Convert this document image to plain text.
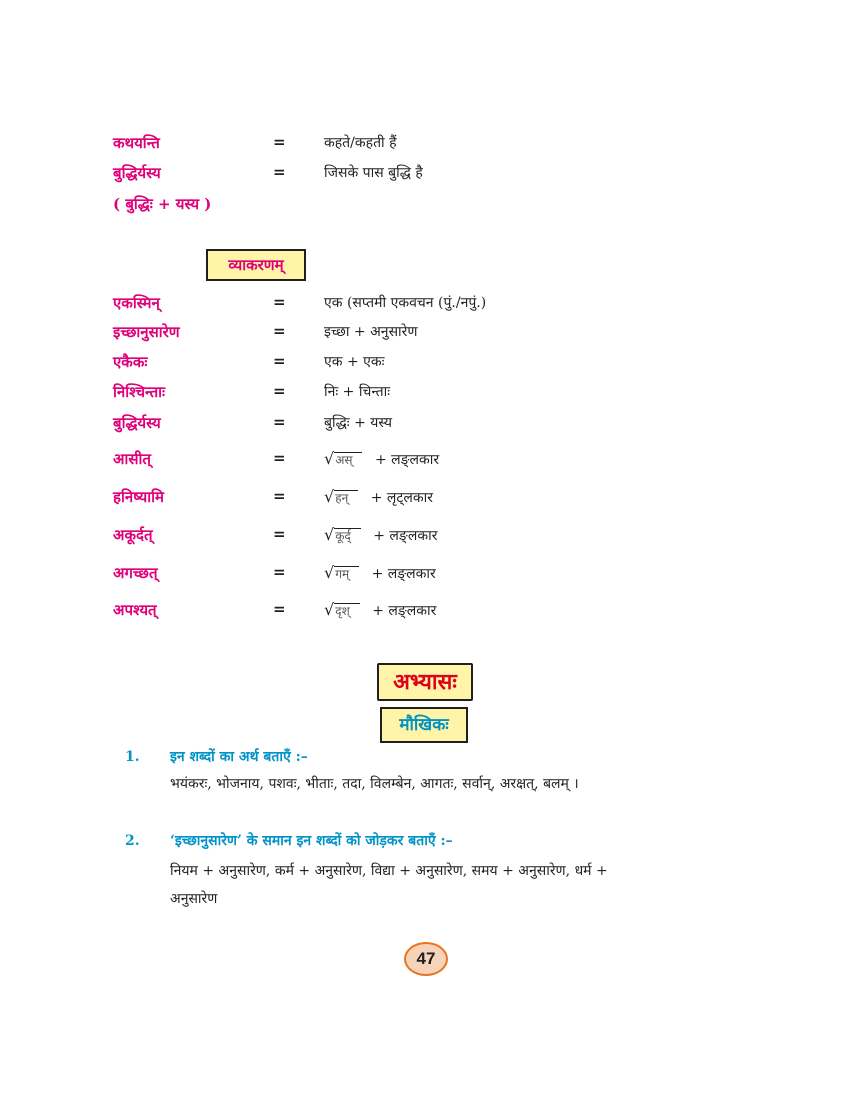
कथयन्ति	=	कहते/कहती हैं
बुद्धिर्यस्य	=	जिसके पास बुद्धि है
( बुद्धिः + यस्य )
व्याकरणम्
एकस्मिन्	=	एक (सप्तमी एकवचन (पुं./नपुं.)
इच्छानुसारेण	=	इच्छा + अनुसारेण
एकैकः	=	एक + एकः
निश्चिन्ताः	=	निः + चिन्ताः
बुद्धिर्यस्य	=	बुद्धिः + यस्य
आसीत्	= √अस् + लङ्लकार
हनिष्यामि	= √हन् + लृट्लकार
अकूर्दत्	= √कूर्द् + लङ्लकार
अगच्छत्	= √गम् + लङ्लकार
अपश्यत्	= √दृश् + लङ्लकार
अभ्यासः
मौखिकः
1. इन शब्दों का अर्थ बताएँ :–
भयंकरः, भोजनाय, पशवः, भीताः, तदा, विलम्बेन, आगतः, सर्वान्, अरक्षत्, बलम् ।
2. ‘इच्छानुसारेण’ के समान इन शब्दों को जोड़कर बताएँ :–
नियम + अनुसारेण, कर्म + अनुसारेण, विद्या + अनुसारेण, समय + अनुसारेण, धर्म + अनुसारेण
47
